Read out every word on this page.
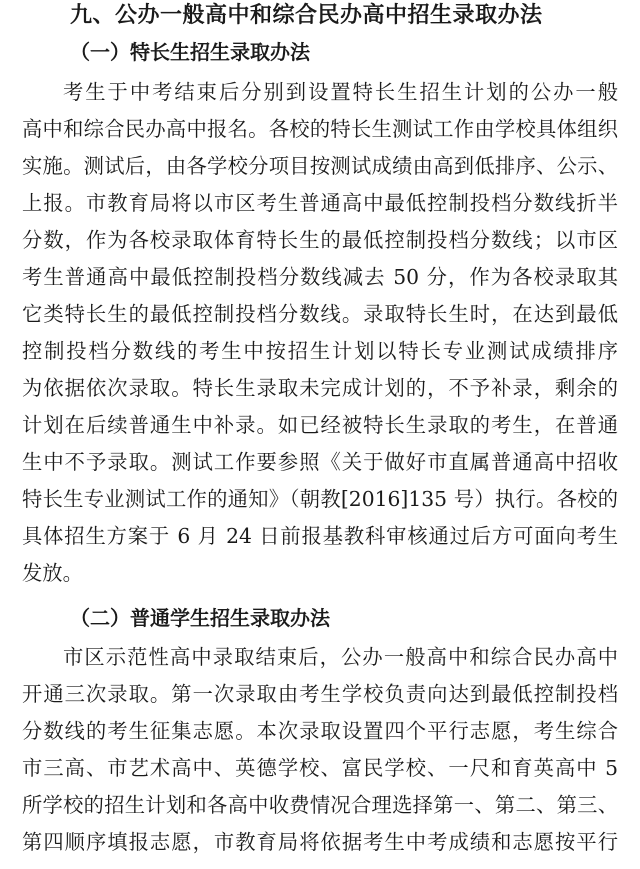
九、公办一般高中和综合民办高中招生录取办法
（一）特长生招生录取办法
考生于中考结束后分别到设置特长生招生计划的公办一般
高中和综合民办高中报名。各校的特长生测试工作由学校具体组织
实施。测试后，由各学校分项目按测试成绩由高到低排序、公示、
上报。市教育局将以市区考生普通高中最低控制投档分数线折半
分数，作为各校录取体育特长生的最低控制投档分数线；以市区
考生普通高中最低控制投档分数线减去 50 分，作为各校录取其
它类特长生的最低控制投档分数线。录取特长生时，在达到最低
控制投档分数线的考生中按招生计划以特长专业测试成绩排序
为依据依次录取。特长生录取未完成计划的，不予补录，剩余的
计划在后续普通生中补录。如已经被特长生录取的考生，在普通
生中不予录取。测试工作要参照《关于做好市直属普通高中招收
特长生专业测试工作的通知》（朝教[2016]135 号）执行。各校的
具体招生方案于 6 月 24 日前报基教科审核通过后方可面向考生
发放。
（二）普通学生招生录取办法
市区示范性高中录取结束后，公办一般高中和综合民办高中
开通三次录取。第一次录取由考生学校负责向达到最低控制投档
分数线的考生征集志愿。本次录取设置四个平行志愿，考生综合
市三高、市艺术高中、英德学校、富民学校、一尺和育英高中 5
所学校的招生计划和各高中收费情况合理选择第一、第二、第三、
第四顺序填报志愿，市教育局将依据考生中考成绩和志愿按平行
